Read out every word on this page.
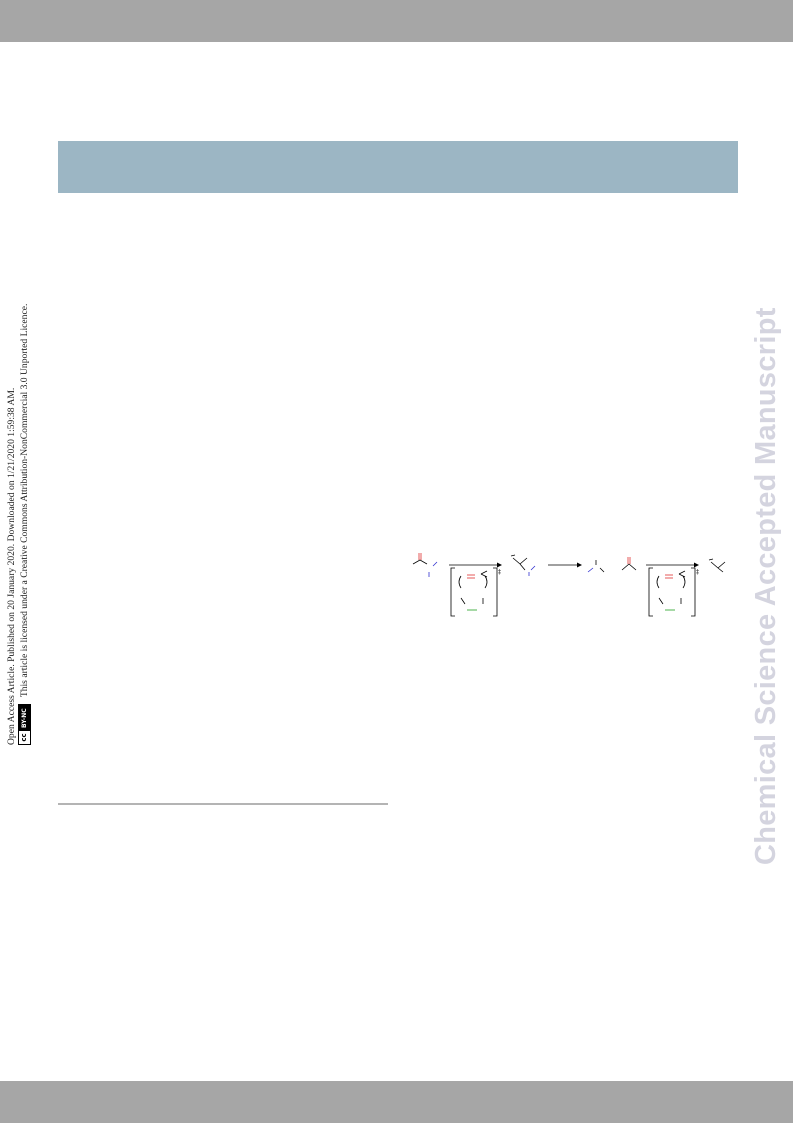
Open Access Article. Published on 20 January 2020. Downloaded on 1/21/2020 1:59:38 AM. cc
BY-NC
This article is licensed under a Creative Commons Attribution-NonCommercial 3.0 Unported Licence.	Chemical Science Accepted Manuscript
‡	‡
